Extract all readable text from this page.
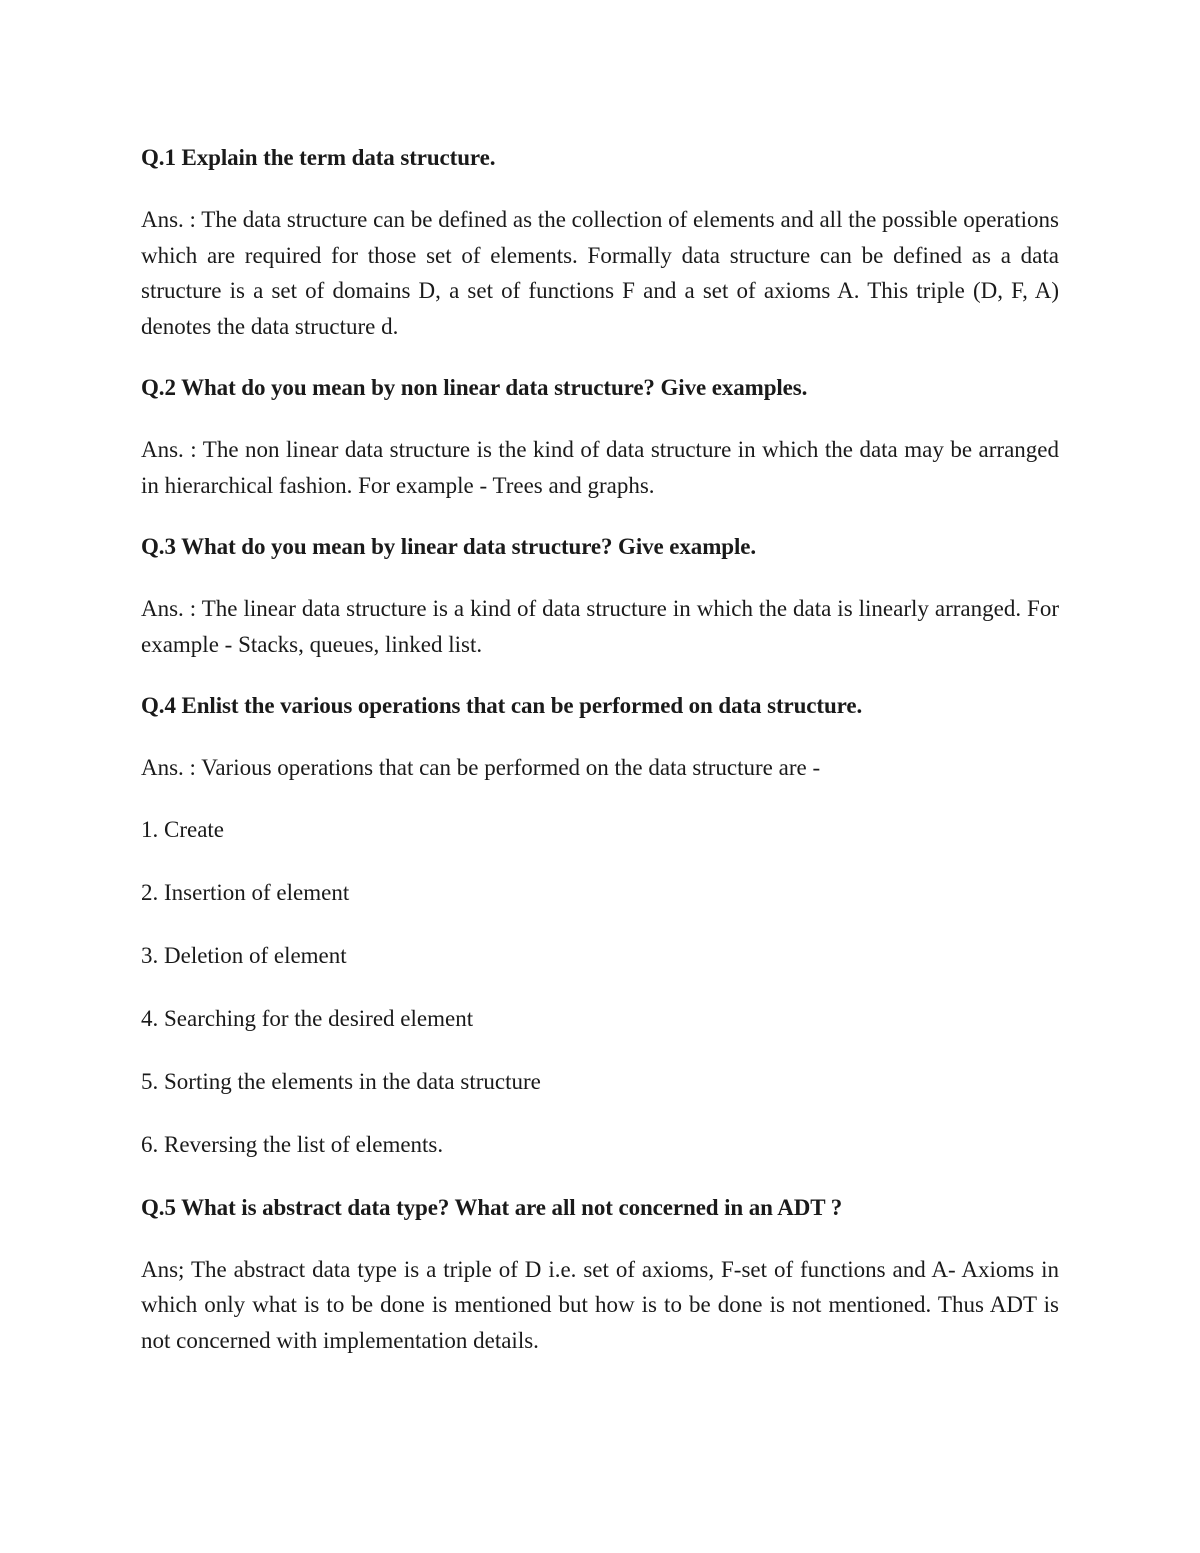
Q.1 Explain the term data structure.

Ans. : The data structure can be defined as the collection of elements and all the possible operations which are required for those set of elements. Formally data structure can be defined as a data structure is a set of domains D, a set of functions F and a set of axioms A. This triple (D, F, A) denotes the data structure d.

Q.2 What do you mean by non linear data structure? Give examples.

Ans. : The non linear data structure is the kind of data structure in which the data may be arranged in hierarchical fashion. For example - Trees and graphs.

Q.3 What do you mean by linear data structure? Give example.

Ans. : The linear data structure is a kind of data structure in which the data is linearly arranged. For example - Stacks, queues, linked list.

Q.4 Enlist the various operations that can be performed on data structure.

Ans. : Various operations that can be performed on the data structure are -

1. Create

2. Insertion of element

3. Deletion of element

4. Searching for the desired element

5. Sorting the elements in the data structure

6. Reversing the list of elements.

Q.5 What is abstract data type? What are all not concerned in an ADT ?

Ans; The abstract data type is a triple of D i.e. set of axioms, F-set of functions and A- Axioms in which only what is to be done is mentioned but how is to be done is not mentioned. Thus ADT is not concerned with implementation details.
